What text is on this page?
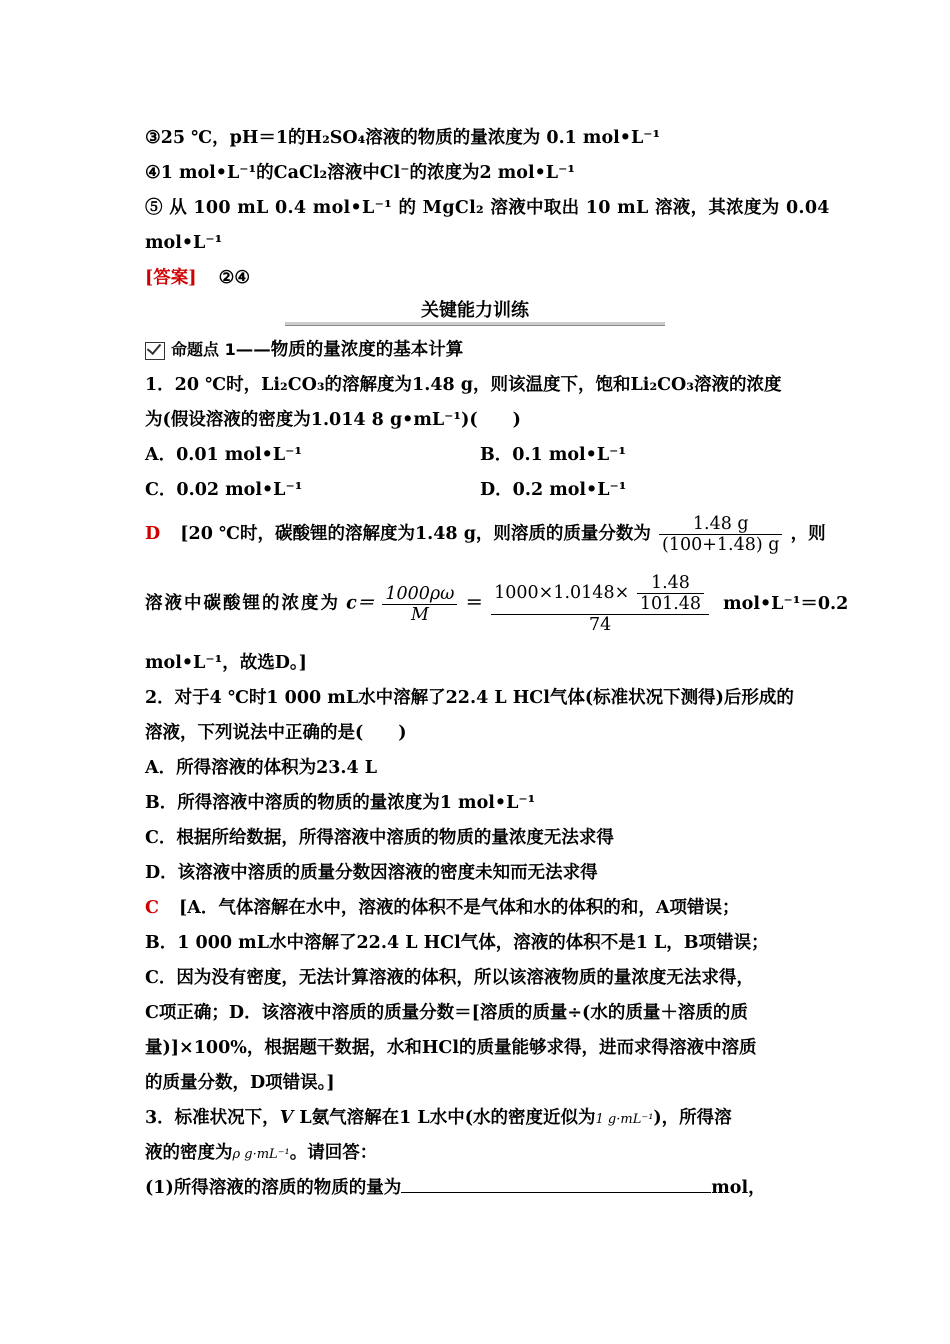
③25 ℃，pH＝1的H₂SO₄溶液的物质的量浓度为 0.1 mol•L⁻¹
④1 mol•L⁻¹的CaCl₂溶液中Cl⁻的浓度为2 mol•L⁻¹
⑤ 从 100 mL 0.4 mol•L⁻¹ 的 MgCl₂ 溶液中取出 10 mL 溶液，其浓度为 0.04
mol•L⁻¹
[答案] ②④
关键能力训练
命题点 1——物质的量浓度的基本计算
1．20 ℃时，Li₂CO₃的溶解度为1.48 g，则该温度下，饱和Li₂CO₃溶液的浓度
为(假设溶液的密度为1.014 8 g•mL⁻¹)(　　)
A．0.01 mol•L⁻¹	B．0.1 mol•L⁻¹
C．0.02 mol•L⁻¹	D．0.2 mol•L⁻¹
D [20 ℃时，碳酸锂的溶解度为1.48 g，则溶质的质量分数为 $\frac{1.48 g}{(100+1.48) g}$ ，则
溶液中碳酸锂的浓度为 $c= \frac{1000\rho\omega}{M} = \frac{1000\times 1.0148\times \frac{1.48}{101.48}}{74}$ mol•L⁻¹＝0.2
mol•L⁻¹，故选D。]
2．对于4 ℃时1 000 mL水中溶解了22.4 L HCl气体(标准状况下测得)后形成的
溶液，下列说法中正确的是(　　)
A．所得溶液的体积为23.4 L
B．所得溶液中溶质的物质的量浓度为1 mol•L⁻¹
C．根据所给数据，所得溶液中溶质的物质的量浓度无法求得
D．该溶液中溶质的质量分数因溶液的密度未知而无法求得
C [A．气体溶解在水中，溶液的体积不是气体和水的体积的和，A项错误；
B．1 000 mL水中溶解了22.4 L HCl气体，溶液的体积不是1 L，B项错误；
C．因为没有密度，无法计算溶液的体积，所以该溶液物质的量浓度无法求得，
C项正确；D．该溶液中溶质的质量分数＝[溶质的质量÷(水的质量＋溶质的质
量)]×100%，根据题干数据，水和HCl的质量能够求得，进而求得溶液中溶质
的质量分数，D项错误。]
3．标准状况下，V L氨气溶解在1 L水中(水的密度近似为1 g·mL⁻¹)，所得溶
液的密度为ρ g·mL⁻¹。请回答：
(1)所得溶液的溶质的物质的量为	mol，
